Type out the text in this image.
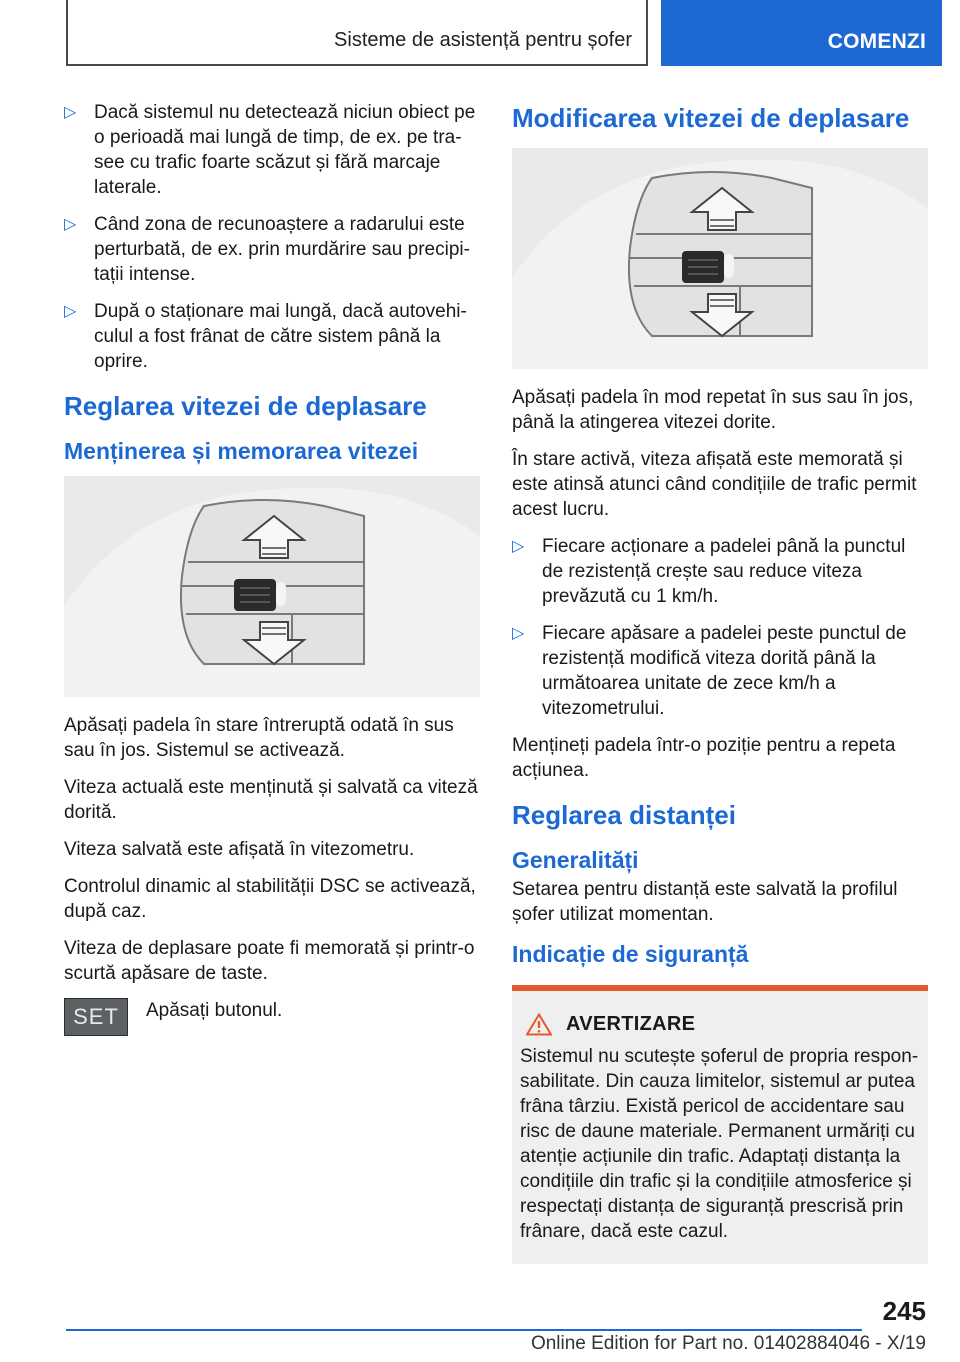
Sisteme de asistență pentru șofer	COMENZI
▷ Dacă sistemul nu detectează niciun obiect pe o perioadă mai lungă de timp, de ex. pe trasee cu trafic foarte scăzut și fără marcaje laterale.
▷ Când zona de recunoaștere a radarului este perturbată, de ex. prin murdărire sau precipitații intense.
▷ După o staționare mai lungă, dacă autovehiculul a fost frânat de către sistem până la oprire.
Reglarea vitezei de deplasare
Menținerea și memorarea vitezei
Apăsați padela în stare întreruptă odată în sus sau în jos. Sistemul se activează.
Viteza actuală este menținută și salvată ca viteză dorită.
Viteza salvată este afișată în vitezometru.
Controlul dinamic al stabilității DSC se activează, după caz.
Viteza de deplasare poate fi memorată și printr-o scurtă apăsare de taste.
SET	Apăsați butonul.
Modificarea vitezei de deplasare
Apăsați padela în mod repetat în sus sau în jos, până la atingerea vitezei dorite.
În stare activă, viteza afișată este memorată și este atinsă atunci când condițiile de trafic permit acest lucru.
▷ Fiecare acționare a padelei până la punctul de rezistență crește sau reduce viteza prevăzută cu 1 km/h.
▷ Fiecare apăsare a padelei peste punctul de rezistență modifică viteza dorită până la următoarea unitate de zece km/h a vitezometrului.
Mențineți padela într-o poziție pentru a repeta acțiunea.
Reglarea distanței
Generalități
Setarea pentru distanță este salvată la profilul șofer utilizat momentan.
Indicație de siguranță
AVERTIZARE
Sistemul nu scutește șoferul de propria responsabilitate. Din cauza limitelor, sistemul ar putea frâna târziu. Există pericol de accidentare sau risc de daune materiale. Permanent urmăriți cu atenție acțiunile din trafic. Adaptați distanța la condițiile din trafic și la condițiile atmosferice și respectați distanța de siguranță prescrisă prin frânare, dacă este cazul.
245
Online Edition for Part no. 01402884046 - X/19
